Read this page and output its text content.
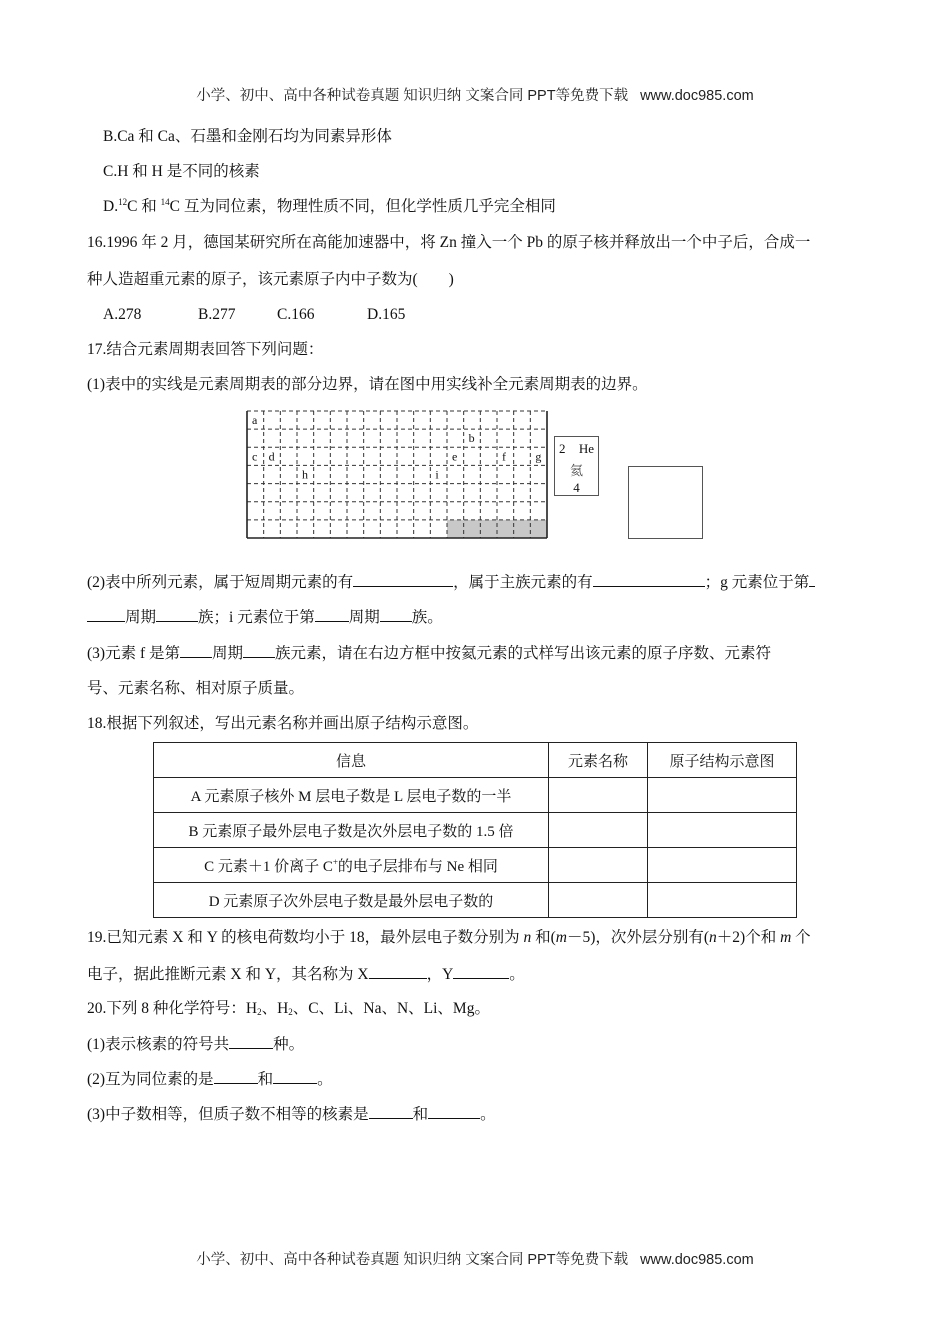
小学、初中、高中各种试卷真题 知识归纳 文案合同 PPT等免费下载 www.doc985.com
B.Ca 和 Ca、石墨和金刚石均为同素异形体
C.H 和 H 是不同的核素
D.$^{12}$C 和 $^{14}$C 互为同位素，物理性质不同，但化学性质几乎完全相同
16.1996 年 2 月，德国某研究所在高能加速器中，将 Zn 撞入一个 Pb 的原子核并释放出一个中子后，合成一
种人造超重元素的原子，该元素原子内中子数为(　　)
A.278	B.277	C.166	D.165
17.结合元素周期表回答下列问题：
(1)表中的实线是元素周期表的部分边界，请在图中用实线补全元素周期表的边界。
a
b
c d	e	f g
h	i
2 He
氦
4
(2)表中所列元素，属于短周期元素的有	，属于主族元素的有	；g 元素位于第
周期	族；i 元素位于第 周期 族。
(3)元素 f 是第 周期 族元素，请在右边方框中按氦元素的式样写出该元素的原子序数、元素符
号、元素名称、相对原子质量。
18.根据下列叙述，写出元素名称并画出原子结构示意图。
信息	元素名称	原子结构示意图
A 元素原子核外 M 层电子数是 L 层电子数的一半		
B 元素原子最外层电子数是次外层电子数的 1.5 倍		
C 元素＋1 价离子 C+的电子层排布与 Ne 相同		
D 元素原子次外层电子数是最外层电子数的		
19.已知元素 X 和 Y 的核电荷数均小于 18，最外层电子数分别为 n 和(m－5)，次外层分别有(n＋2)个和 m 个
电子，据此推断元素 X 和 Y，其名称为 X	，Y	。
20.下列 8 种化学符号：$H_2$、$H_2$、C、Li、Na、N、Li、Mg。
(1)表示核素的符号共	种。
(2)互为同位素的是	和	。
(3)中子数相等，但质子数不相等的核素是	和	。
小学、初中、高中各种试卷真题 知识归纳 文案合同 PPT等免费下载 www.doc985.com
